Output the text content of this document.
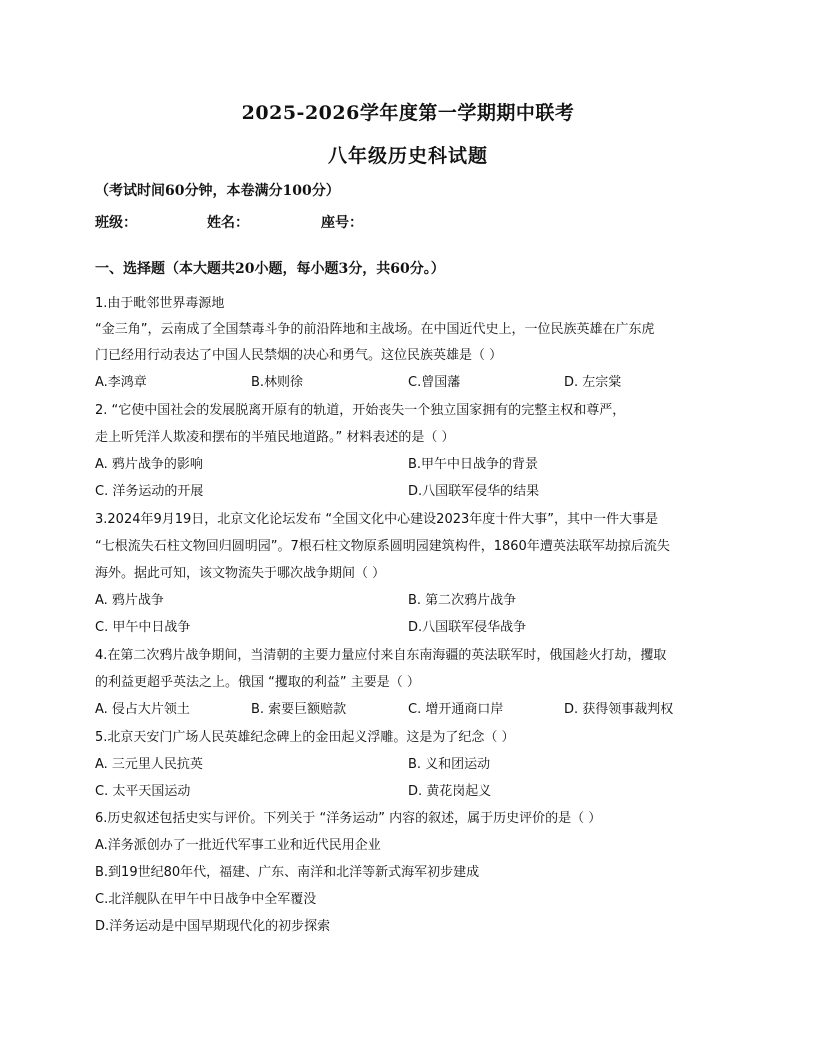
2025-2026学年度第一学期期中联考
八年级历史科试题
（考试时间60分钟，本卷满分100分）
班级：	姓名：	座号：
一、选择题（本大题共20小题，每小题3分，共60分。）
1.由于毗邻世界毒源地
“金三角”，云南成了全国禁毒斗争的前沿阵地和主战场。在中国近代史上，一位民族英雄在广东虎
门已经用行动表达了中国人民禁烟的决心和勇气。这位民族英雄是（ ）
A.李鸿章	B.林则徐	C.曾国藩	D. 左宗棠
2. “它使中国社会的发展脱离开原有的轨道，开始丧失一个独立国家拥有的完整主权和尊严，
走上听凭洋人欺凌和摆布的半殖民地道路。” 材料表述的是（ ）
A. 鸦片战争的影响	B.甲午中日战争的背景
C. 洋务运动的开展	D.八国联军侵华的结果
3.2024年9月19日，北京文化论坛发布 “全国文化中心建设2023年度十件大事”，其中一件大事是
“七根流失石柱文物回归圆明园”。7根石柱文物原系圆明园建筑构件，1860年遭英法联军劫掠后流失
海外。据此可知，该文物流失于哪次战争期间（ ）
A. 鸦片战争	B. 第二次鸦片战争
C. 甲午中日战争	D.八国联军侵华战争
4.在第二次鸦片战争期间，当清朝的主要力量应付来自东南海疆的英法联军时，俄国趁火打劫，攫取
的利益更超乎英法之上。俄国 “攫取的利益” 主要是（ ）
A. 侵占大片领土	B. 索要巨额赔款	C. 增开通商口岸	D. 获得领事裁判权
5.北京天安门广场人民英雄纪念碑上的金田起义浮雕。这是为了纪念（ ）
A. 三元里人民抗英	B. 义和团运动
C. 太平天国运动	D. 黄花岗起义
6.历史叙述包括史实与评价。下列关于 “洋务运动” 内容的叙述，属于历史评价的是（ ）
A.洋务派创办了一批近代军事工业和近代民用企业
B.到19世纪80年代，福建、广东、南洋和北洋等新式海军初步建成
C.北洋舰队在甲午中日战争中全军覆没
D.洋务运动是中国早期现代化的初步探索
